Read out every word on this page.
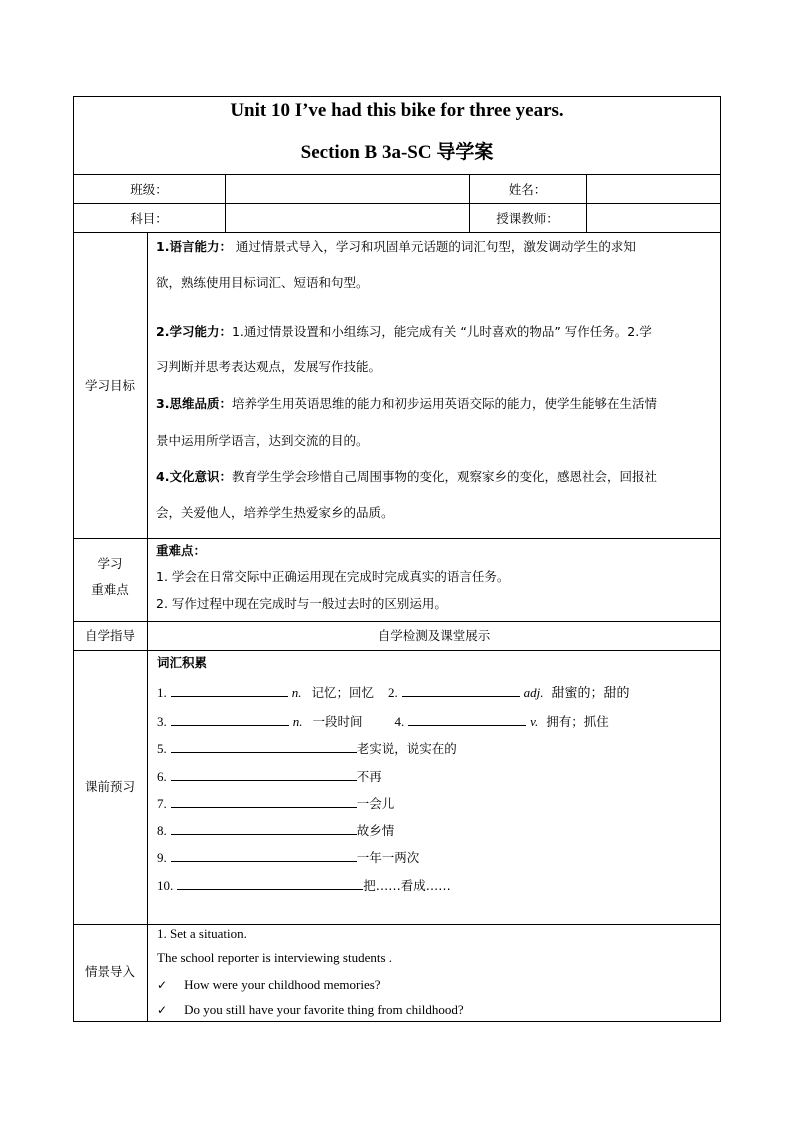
Unit 10 I’ve had this bike for three years.
Section B 3a-SC 导学案
班级：	姓名：
科目：	授课教师：
学习目标
1.语言能力： 通过情景式导入，学习和巩固单元话题的词汇句型，激发调动学生的求知
欲，熟练使用目标词汇、短语和句型。
2.学习能力：1.通过情景设置和小组练习，能完成有关 “儿时喜欢的物品” 写作任务。2.学
习判断并思考表达观点，发展写作技能。
3.思维品质：培养学生用英语思维的能力和初步运用英语交际的能力，使学生能够在生活情
景中运用所学语言，达到交流的目的。
4.文化意识：教育学生学会珍惜自己周围事物的变化，观察家乡的变化，感恩社会，回报社
会，关爱他人，培养学生热爱家乡的品质。
学习
重难点
重难点：
1. 学会在日常交际中正确运用现在完成时完成真实的语言任务。
2. 写作过程中现在完成时与一般过去时的区别运用。
自学指导	自学检测及课堂展示
课前预习
词汇积累
1.	n. 记忆；回忆 2.	adj. 甜蜜的；甜的
3.	n. 一段时间 4.	v. 拥有；抓住
5.	老实说，说实在的
6.	不再
7.	一会儿
8.	故乡情
9.	一年一两次
10.	把……看成……
情景导入
1. Set a situation.
The school reporter is interviewing students .
✓ How were your childhood memories?
✓ Do you still have your favorite thing from childhood?
